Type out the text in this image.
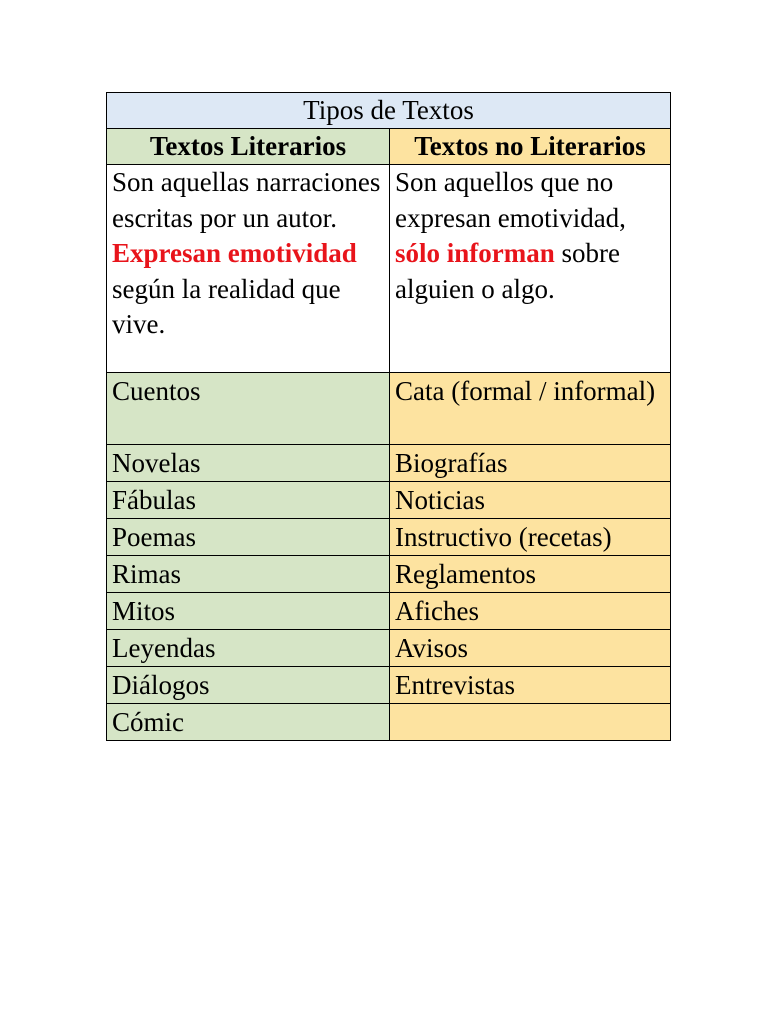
Tipos de Textos	
Textos Literarios	Textos no Literarios
Son aquellas narraciones escritas por un autor. Expresan emotividad según la realidad que vive.	Son aquellos que no expresan emotividad, sólo informan sobre alguien o algo.
Cuentos	Cata (formal / informal)
Novelas	Biografías
Fábulas	Noticias
Poemas	Instructivo (recetas)
Rimas	Reglamentos
Mitos	Afiches
Leyendas	Avisos
Diálogos	Entrevistas
Cómic	
